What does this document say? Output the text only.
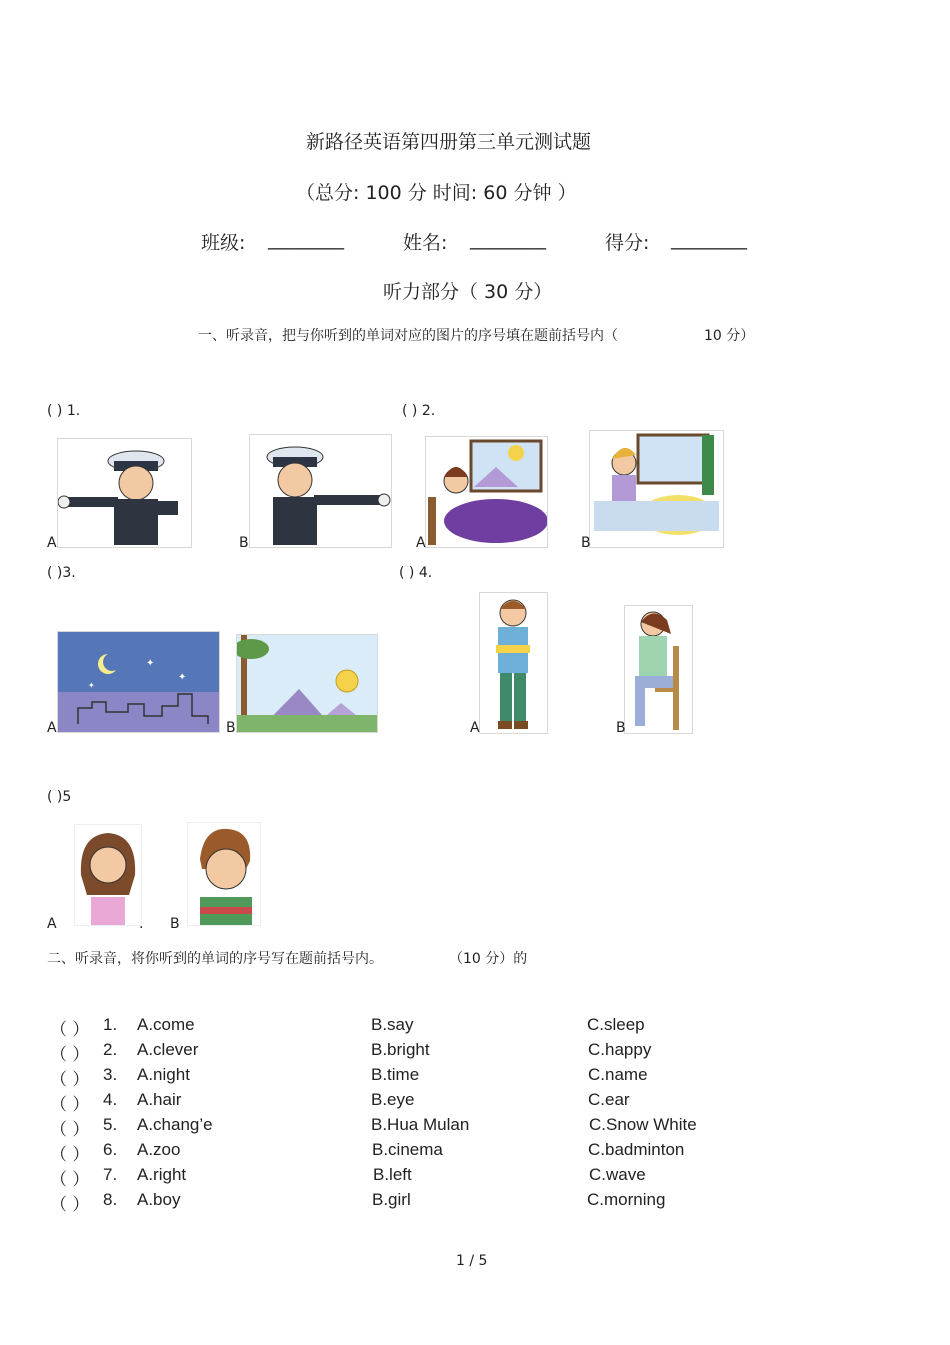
新路径英语第四册第三单元测试题
（总分: 100 分 时间: 60 分钟 ）
班级: ________	姓名: ________	得分: ________
听力部分（ 30 分）
一、听录音，把与你听到的单词对应的图片的序号填在题前括号内（	10 分）
( ) 1.
A	B
( ) 2.
A	B
( )3.
✦
✦
✦
A	B
( ) 4.
A	B
( )5
A	. B
二、听录音，将你听到的单词的序号写在题前括号内。	（10 分）的
（ ） 1. A.come	B.say	C.sleep
（ ） 2. A.clever	B.bright	C.happy
（ ） 3. A.night	B.time	C.name
（ ） 4. A.hair	B.eye	C.ear
（ ） 5. A.chang’e	B.Hua Mulan	C.Snow White
（ ） 6. A.zoo	B.cinema	C.badminton
（ ） 7. A.right	B.left	C.wave
（ ） 8. A.boy	B.girl	C.morning
1 / 5
